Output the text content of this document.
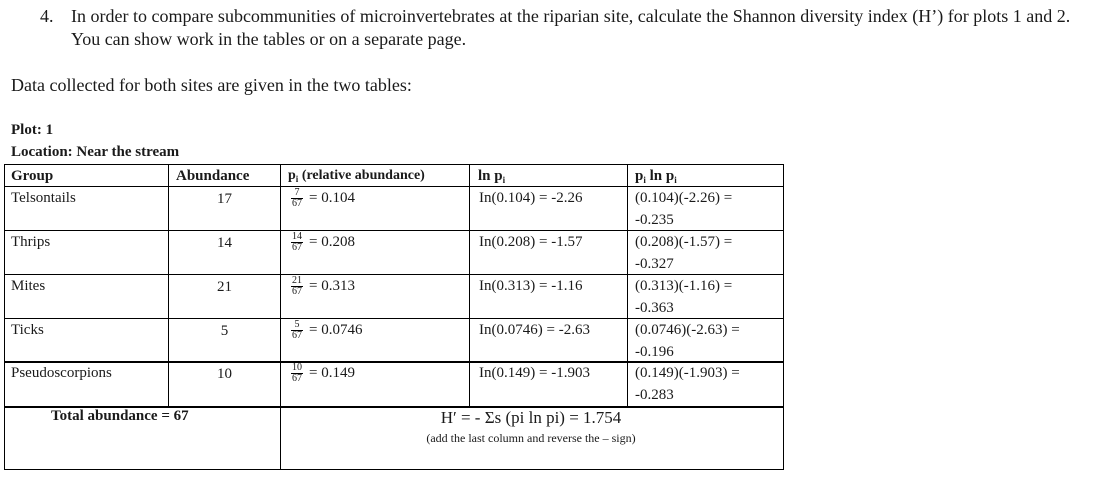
4. In order to compare subcommunities of microinvertebrates at the riparian site, calculate the Shannon diversity index (H’) for plots 1 and 2. You can show work in the tables or on a separate page.
Data collected for both sites are given in the two tables:
Plot: 1
Location: Near the stream
Group	Abundance	$p_i$ (relative abundance)	$\ln p_i$	$p_i$ $\ln p_i$
Telsontails	17	$\frac{7}{67} = 0.104$	In(0.104) = -2.26	(0.104)(-2.26) =
-0.235
Thrips	14	$\frac{14}{67} = 0.208$	In(0.208) = -1.57	(0.208)(-1.57) =
-0.327
Mites	21	$\frac{21}{67} = 0.313$	In(0.313) = -1.16	(0.313)(-1.16) =
-0.363
Ticks	5	$\frac{5}{67} = 0.0746$	In(0.0746) = -2.63	(0.0746)(-2.63) =
-0.196
Pseudoscorpions	10	$\frac{10}{67} = 0.149$	In(0.149) = -1.903	(0.149)(-1.903) =
-0.283
Total abundance = 67	H′ = - Σs (pi ln pi) = 1.754
(add the last column and reverse the – sign)
